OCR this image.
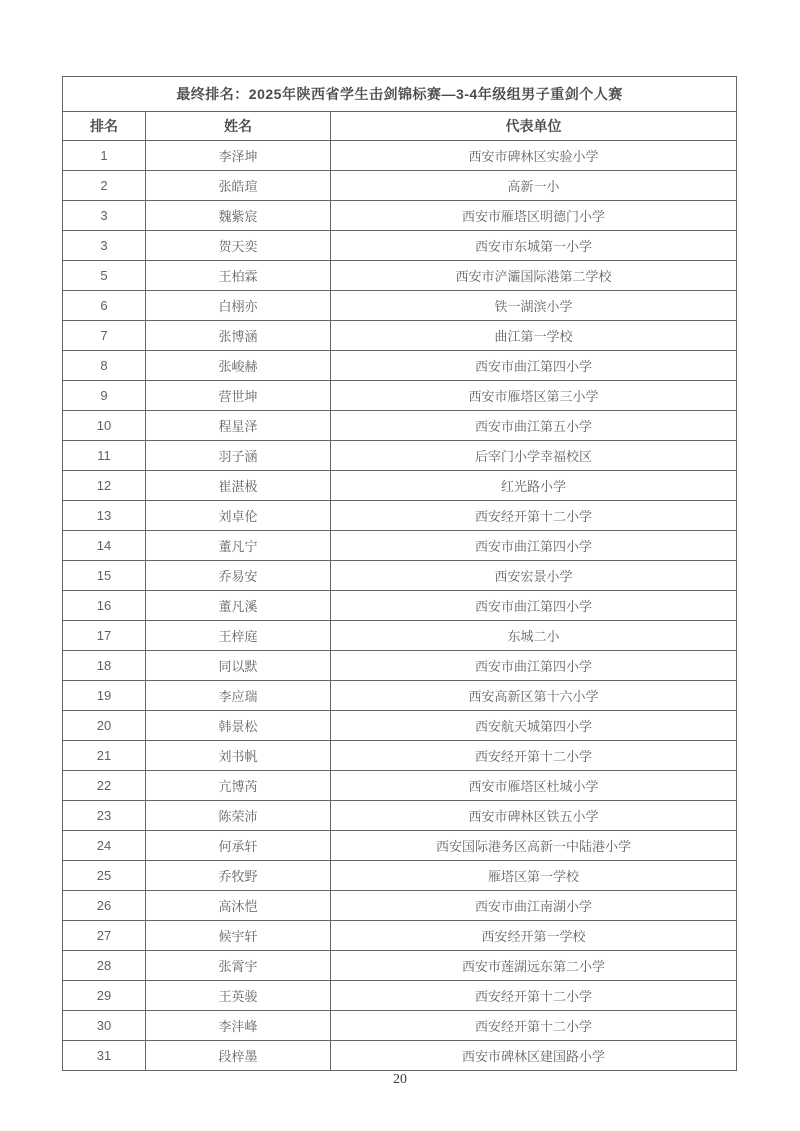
最终排名：2025年陕西省学生击剑锦标赛—3-4年级组男子重剑个人赛		
排名	姓名	代表单位
1	李泽坤	西安市碑林区实验小学
2	张皓瑄	高新一小
3	魏紫宸	西安市雁塔区明德门小学
3	贺天奕	西安市东城第一小学
5	王柏霖	西安市浐灞国际港第二学校
6	白栩亦	铁一湖滨小学
7	张博涵	曲江第一学校
8	张峻赫	西安市曲江第四小学
9	营世坤	西安市雁塔区第三小学
10	程星泽	西安市曲江第五小学
11	羽子涵	后宰门小学幸福校区
12	崔湛极	红光路小学
13	刘卓伦	西安经开第十二小学
14	董凡宁	西安市曲江第四小学
15	乔易安	西安宏景小学
16	董凡溪	西安市曲江第四小学
17	王梓庭	东城二小
18	同以默	西安市曲江第四小学
19	李应瑞	西安高新区第十六小学
20	韩景松	西安航天城第四小学
21	刘书帆	西安经开第十二小学
22	亢博芮	西安市雁塔区杜城小学
23	陈荣沛	西安市碑林区铁五小学
24	何承轩	西安国际港务区高新一中陆港小学
25	乔牧野	雁塔区第一学校
26	高沐恺	西安市曲江南湖小学
27	候宇轩	西安经开第一学校
28	张霄宇	西安市莲湖远东第二小学
29	王英骏	西安经开第十二小学
30	李沣峰	西安经开第十二小学
31	段梓墨	西安市碑林区建国路小学
20
